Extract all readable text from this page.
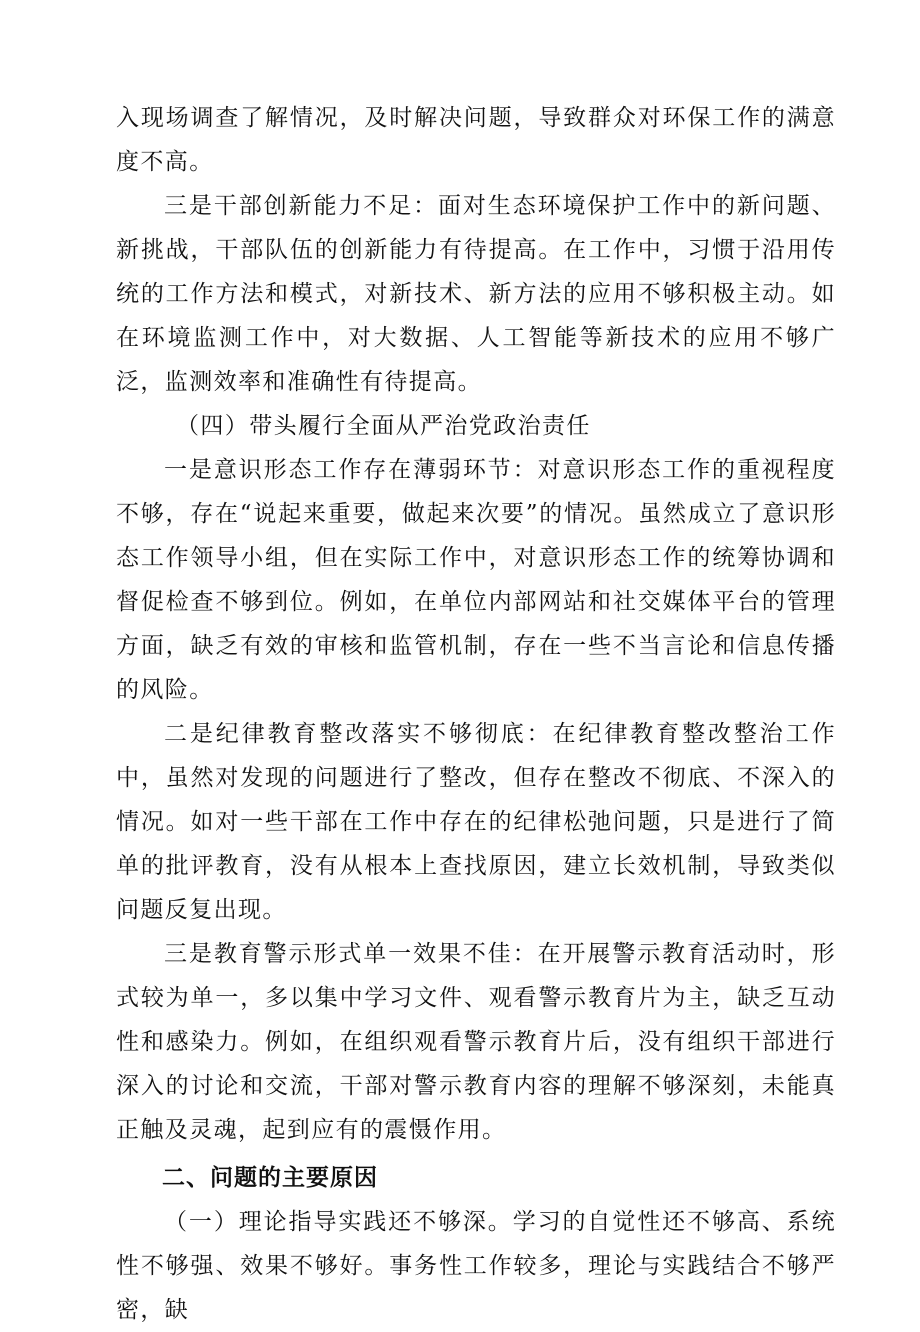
入现场调查了解情况，及时解决问题，导致群众对环保工作的满意度不高。

三是干部创新能力不足：面对生态环境保护工作中的新问题、新挑战，干部队伍的创新能力有待提高。在工作中，习惯于沿用传统的工作方法和模式，对新技术、新方法的应用不够积极主动。如在环境监测工作中，对大数据、人工智能等新技术的应用不够广泛，监测效率和准确性有待提高。

（四）带头履行全面从严治党政治责任

一是意识形态工作存在薄弱环节：对意识形态工作的重视程度不够，存在“说起来重要，做起来次要”的情况。虽然成立了意识形态工作领导小组，但在实际工作中，对意识形态工作的统筹协调和督促检查不够到位。例如，在单位内部网站和社交媒体平台的管理方面，缺乏有效的审核和监管机制，存在一些不当言论和信息传播的风险。

二是纪律教育整改落实不够彻底：在纪律教育整改整治工作中，虽然对发现的问题进行了整改，但存在整改不彻底、不深入的情况。如对一些干部在工作中存在的纪律松弛问题，只是进行了简单的批评教育，没有从根本上查找原因，建立长效机制，导致类似问题反复出现。

三是教育警示形式单一效果不佳：在开展警示教育活动时，形式较为单一，多以集中学习文件、观看警示教育片为主，缺乏互动性和感染力。例如，在组织观看警示教育片后，没有组织干部进行深入的讨论和交流，干部对警示教育内容的理解不够深刻，未能真正触及灵魂，起到应有的震慑作用。

二、问题的主要原因

（一）理论指导实践还不够深。学习的自觉性还不够高、系统性不够强、效果不够好。事务性工作较多，理论与实践结合不够严密，缺
